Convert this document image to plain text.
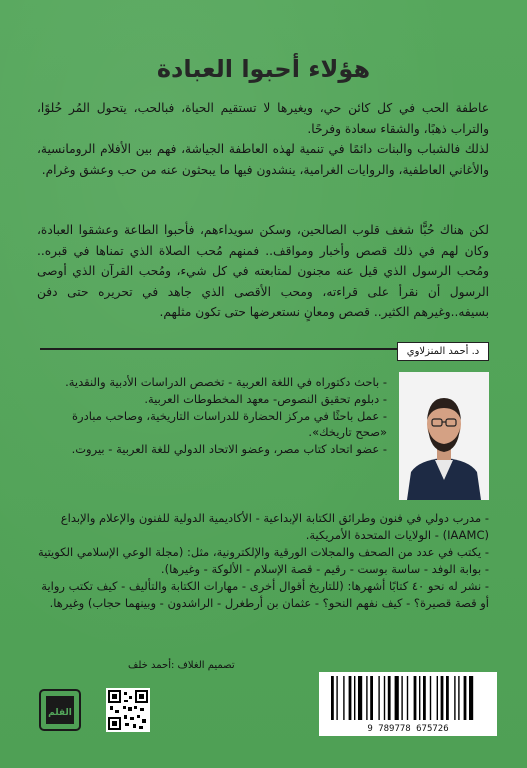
هؤلاء أحبوا العبادة
عاطفة الحب في كل كائن حي، ويغيرها لا تستقيم الحياة، فبالحب، يتحول المُر حُلوًا، والتراب ذهبًا، والشقاء سعادة وفرحًا.
لذلك فالشباب والبنات دائمًا في تنمية لهذه العاطفة الجياشة، فهم بين الأفلام الرومانسية، والأغاني العاطفية، والروايات الغرامية، ينشدون فيها ما يبحثون عنه من حب وعشق وغرام.
لكن هناك حُبًّا شغف قلوب الصالحين، وسكن سويداءهم، فأحبوا الطاعة وعشقوا العبادة، وكان لهم في ذلك قصص وأخبار ومواقف.. فمنهم مُحب الصلاة الذي تمناها في قبره.. ومُحب الرسول الذي قيل عنه مجنون لمتابعته في كل شيء، ومُحب القرآن الذي أوصى الرسول أن نقرأ على قراءته، ومحب الأقصى الذي جاهد في تحريره حتى دفن بسيفه..وغيرهم الكثير.. قصص ومعانٍ نستعرضها حتى تكون مثلهم.
د. أحمد المنزلاوي
- باحث دكتوراه في اللغة العربية - تخصص الدراسات الأدبية والنقدية.
- دبلوم تحقيق النصوص- معهد المخطوطات العربية.
- عمل باحثًا في مركز الحضارة للدراسات التاريخية، وصاحب مبادرة «صحح تاريخك».
- عضو اتحاد كتاب مصر، وعضو الاتحاد الدولي للغة العربية - بيروت.
- مدرب دولي في فنون وطرائق الكتابة الإبداعية - الأكاديمية الدولية للفنون والإعلام والإبداع (IAAMC) - الولايات المتحدة الأمريكية.
- يكتب في عدد من الصحف والمجلات الورقية والإلكترونية، مثل: (مجلة الوعي الإسلامي الكويتية - بوابة الوفد - ساسة بوست - رقيم - قصة الإسلام - الألوكة - وغيرها).
- نشر له نحو ٤٠ كتابًا أشهرها: (للتاريخ أقوال أخرى - مهارات الكتابة والتأليف - كيف تكتب رواية أو قصة قصيرة؟ - كيف نفهم النحو؟ - عثمان بن أرطغرل - الراشدون - وبينهما حجاب) وغيرها.
تصميم الغلاف :أحمد خلف
القلم
9 789778 675726
